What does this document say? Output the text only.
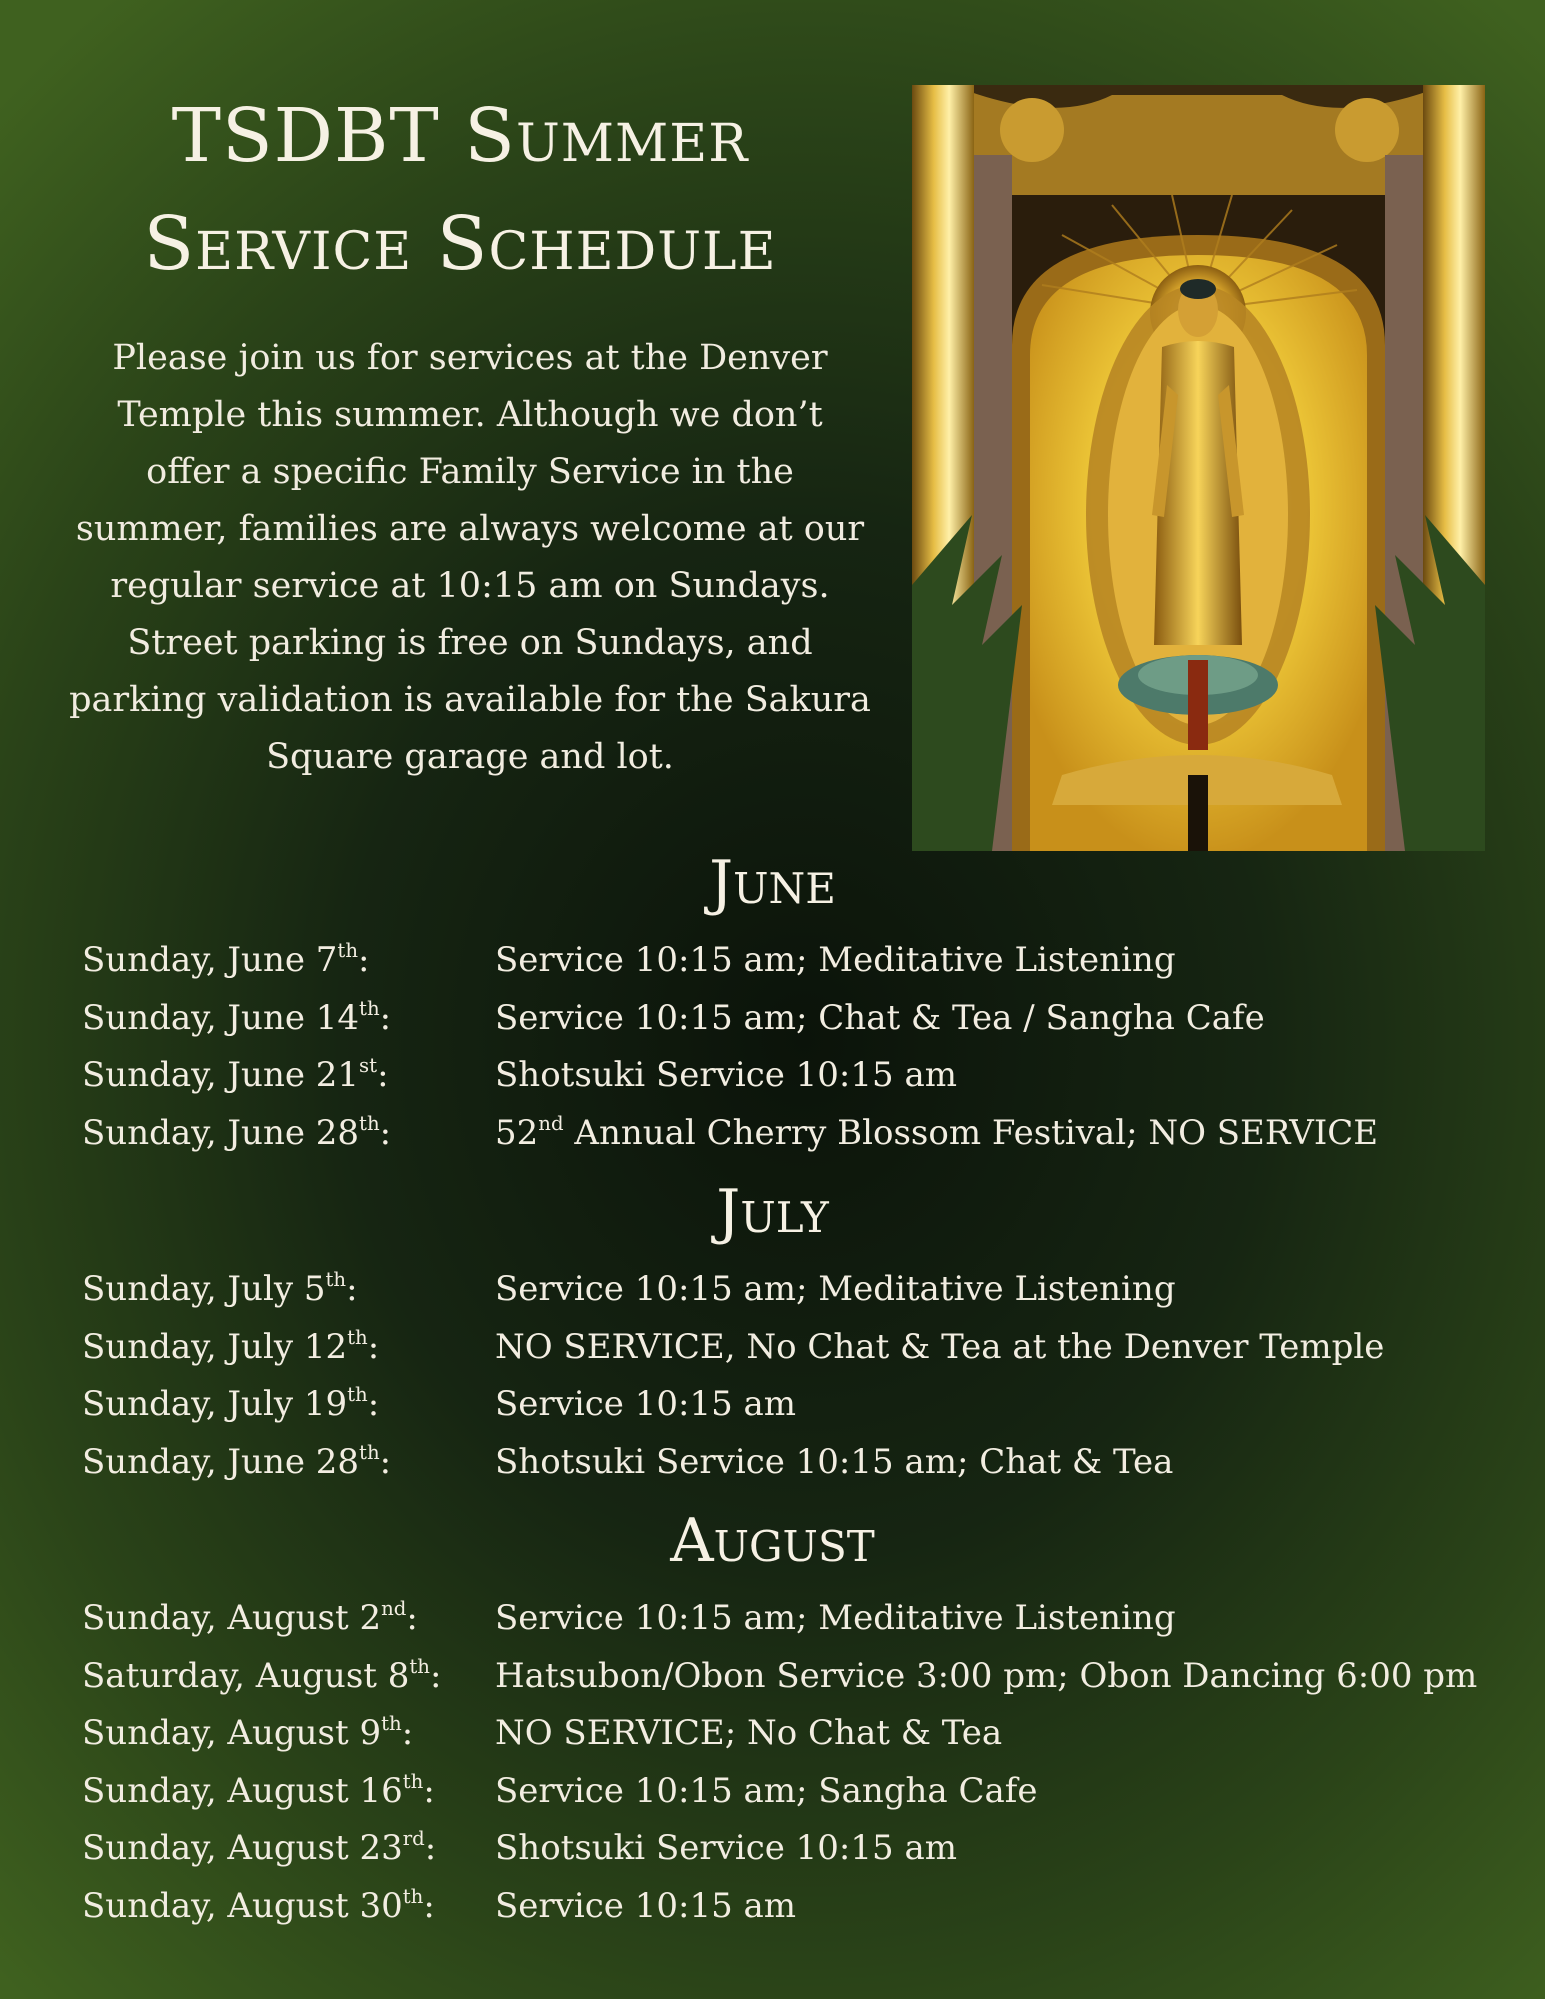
TSDBT Summer
Service Schedule

Please join us for services at the Denver
Temple this summer. Although we don’t
offer a specific Family Service in the
summer, families are always welcome at our
regular service at 10:15 am on Sundays.
Street parking is free on Sundays, and
parking validation is available for the Sakura
Square garage and lot.

June
Sunday, June 7th:	Service 10:15 am; Meditative Listening
Sunday, June 14th:	Service 10:15 am; Chat & Tea / Sangha Cafe
Sunday, June 21st:	Shotsuki Service 10:15 am
Sunday, June 28th:	52nd Annual Cherry Blossom Festival; NO SERVICE
July
Sunday, July 5th:	Service 10:15 am; Meditative Listening
Sunday, July 12th:	NO SERVICE, No Chat & Tea at the Denver Temple
Sunday, July 19th:	Service 10:15 am
Sunday, June 28th:	Shotsuki Service 10:15 am; Chat & Tea
August
Sunday, August 2nd: Service 10:15 am; Meditative Listening
Saturday, August 8th: Hatsubon/Obon Service 3:00 pm; Obon Dancing 6:00 pm
Sunday, August 9th: NO SERVICE; No Chat & Tea
Sunday, August 16th: Service 10:15 am; Sangha Cafe
Sunday, August 23rd: Shotsuki Service 10:15 am
Sunday, August 30th: Service 10:15 am
